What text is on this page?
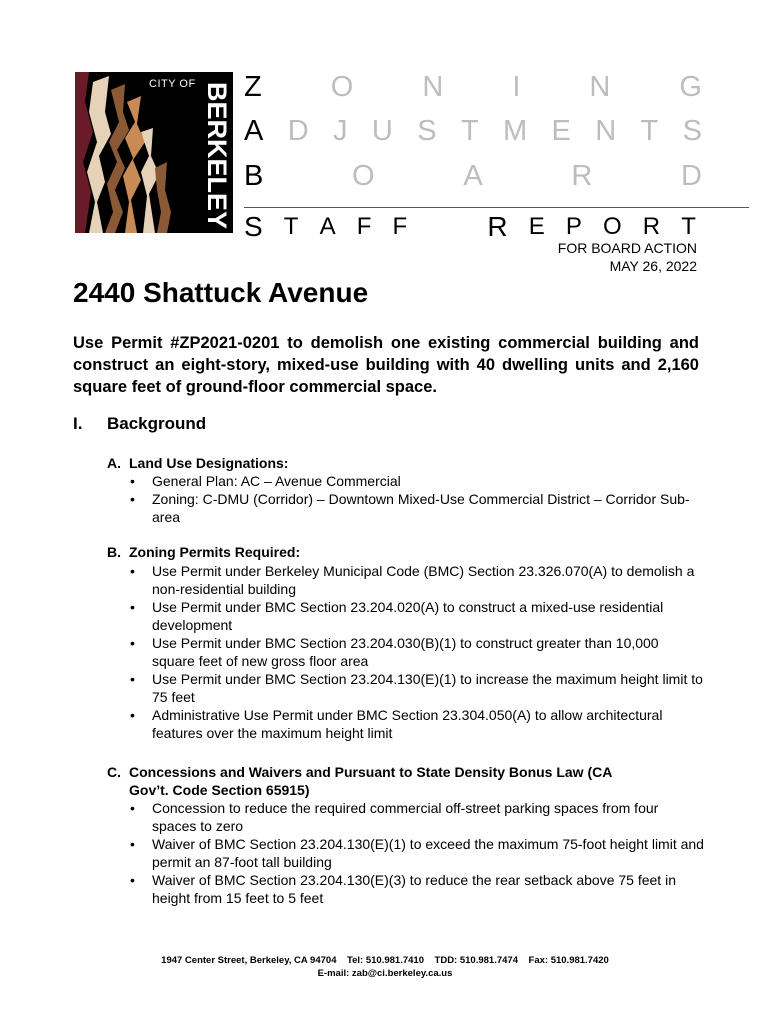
CITY OF BERKELEY Z O N I N G
A D J U S T M E N T S
B	O	A	R	D
S T A F F	R E P O R T
FOR BOARD ACTION
MAY 26, 2022
2440 Shattuck Avenue

Use Permit #ZP2021-0201 to demolish one existing commercial building and construct an eight-story, mixed-use building with 40 dwelling units and 2,160 square feet of ground-floor commercial space.

I.	Background
A. Land Use Designations:
• General Plan: AC – Avenue Commercial
• Zoning: C-DMU (Corridor) – Downtown Mixed-Use Commercial District – Corridor Sub-area
B. Zoning Permits Required:
• Use Permit under Berkeley Municipal Code (BMC) Section 23.326.070(A) to demolish a non-residential building
• Use Permit under BMC Section 23.204.020(A) to construct a mixed-use residential development
• Use Permit under BMC Section 23.204.030(B)(1) to construct greater than 10,000 square feet of new gross floor area
• Use Permit under BMC Section 23.204.130(E)(1) to increase the maximum height limit to 75 feet
• Administrative Use Permit under BMC Section 23.304.050(A) to allow architectural features over the maximum height limit
C. Concessions and Waivers and Pursuant to State Density Bonus Law (CA
Gov’t. Code Section 65915)
• Concession to reduce the required commercial off-street parking spaces from four spaces to zero
• Waiver of BMC Section 23.204.130(E)(1) to exceed the maximum 75-foot height limit and permit an 87-foot tall building
• Waiver of BMC Section 23.204.130(E)(3) to reduce the rear setback above 75 feet in height from 15 feet to 5 feet
1947 Center Street, Berkeley, CA 94704    Tel: 510.981.7410    TDD: 510.981.7474    Fax: 510.981.7420
E-mail: zab@ci.berkeley.ca.us
